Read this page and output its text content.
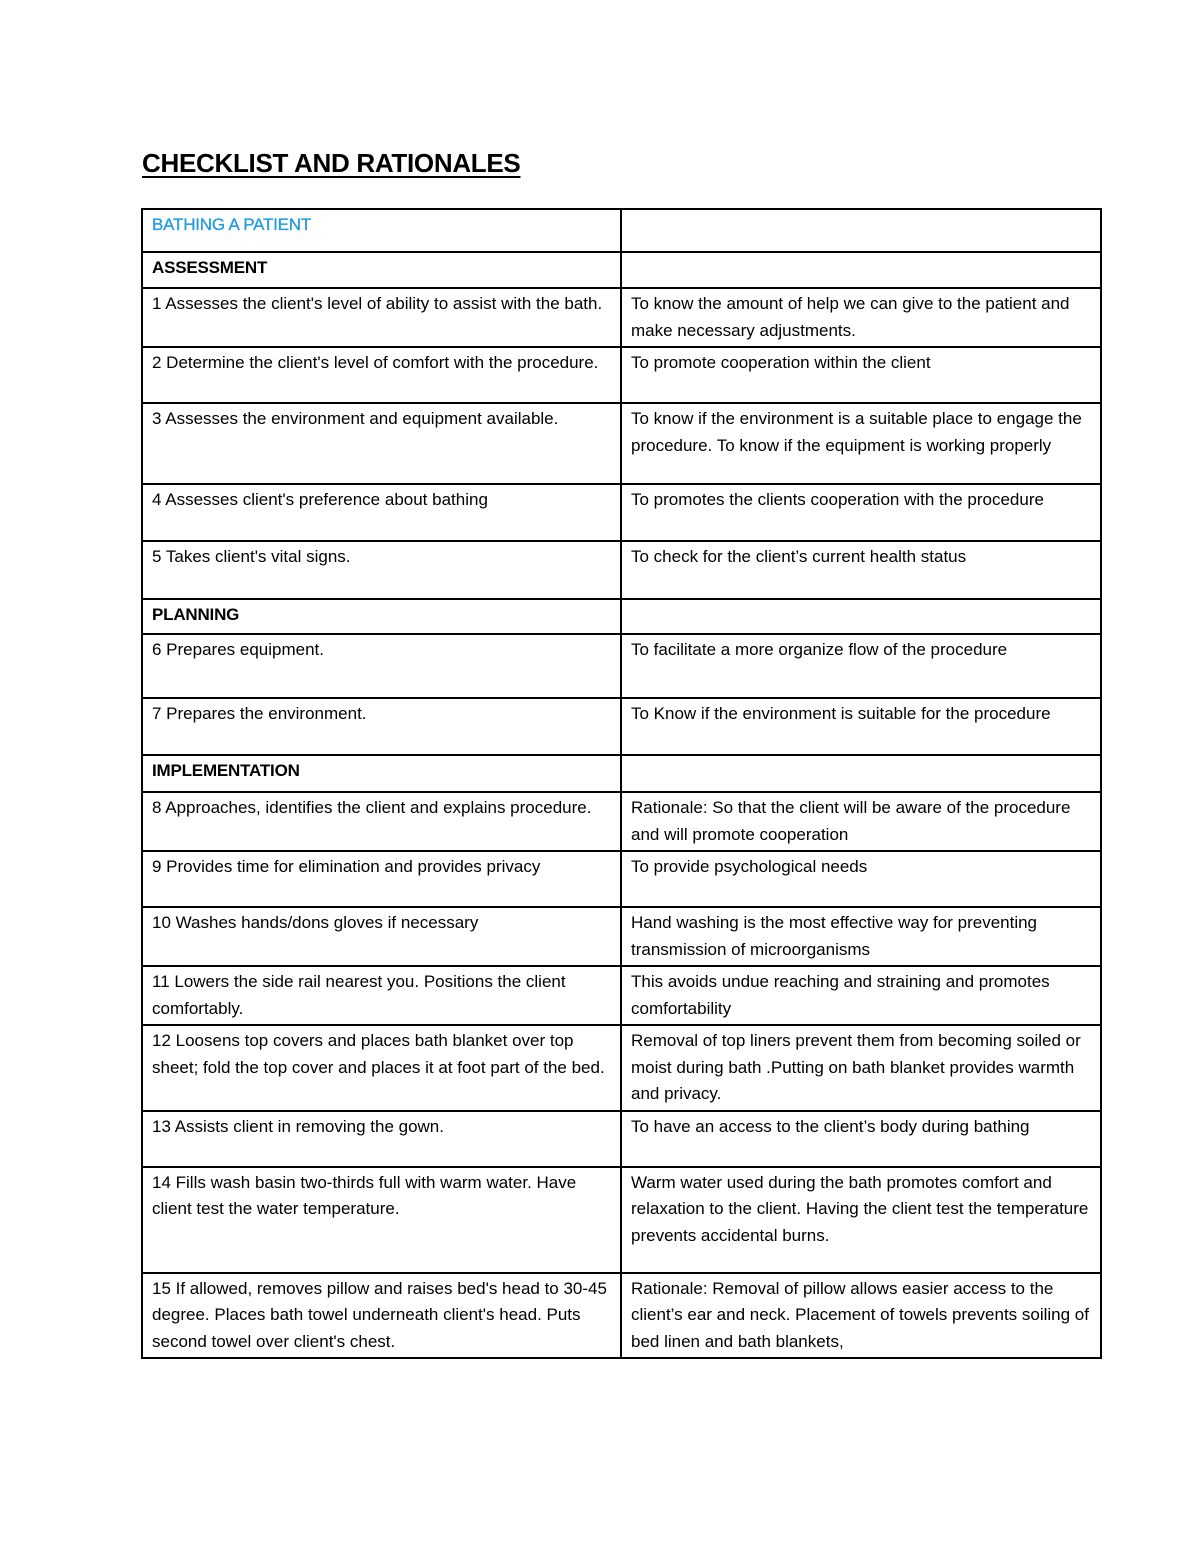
CHECKLIST AND RATIONALES
BATHING A PATIENT	
ASSESSMENT	
1 Assesses the client's level of ability to assist with the bath.	To know the amount of help we can give to the patient and make necessary adjustments.
2 Determine the client's level of comfort with the procedure.	To promote cooperation within the client
3 Assesses the environment and equipment available.	To know if the environment is a suitable place to engage the procedure. To know if the equipment is working properly
4 Assesses client's preference about bathing	To promotes the clients cooperation with the procedure
5 Takes client's vital signs.	To check for the client’s current health status
PLANNING	
6 Prepares equipment.	To facilitate a more organize flow of the procedure
7 Prepares the environment.	To Know if the environment is suitable for the procedure
IMPLEMENTATION	
8 Approaches, identifies the client and explains procedure.	Rationale: So that the client will be aware of the procedure and will promote cooperation
9 Provides time for elimination and provides privacy	To provide psychological needs
10 Washes hands/dons gloves if necessary	Hand washing is the most effective way for preventing transmission of microorganisms
11 Lowers the side rail nearest you. Positions the client comfortably.	This avoids undue reaching and straining and promotes comfortability
12 Loosens top covers and places bath blanket over top sheet; fold the top cover and places it at foot part of the bed.	Removal of top liners prevent them from becoming soiled or moist during bath .Putting on bath blanket provides warmth and privacy.
13 Assists client in removing the gown.	To have an access to the client’s body during bathing
14 Fills wash basin two-thirds full with warm water. Have client test the water temperature.	Warm water used during the bath promotes comfort and relaxation to the client. Having the client test the temperature prevents accidental burns.
15 If allowed, removes pillow and raises bed's head to 30-45 degree. Places bath towel underneath client's head. Puts second towel over client's chest.	Rationale: Removal of pillow allows easier access to the client’s ear and neck. Placement of towels prevents soiling of bed linen and bath blankets,
